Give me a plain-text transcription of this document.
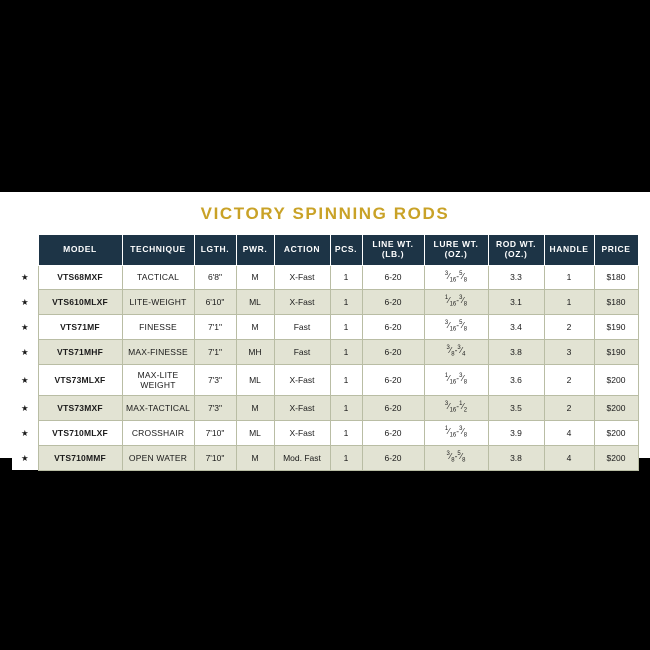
VICTORY SPINNING RODS
	MODEL	TECHNIQUE	LGTH.	PWR.	ACTION	PCS.	LINE WT. (LB.)	LURE WT. (OZ.)	ROD WT. (OZ.)	HANDLE	PRICE
★	VTS68MXF	TACTICAL	6'8"	M	X-Fast	1	6-20	$^3⁄_{16}-^5⁄_8$	3.3	1	$180
★	VTS610MLXF	LITE-WEIGHT	6'10"	ML	X-Fast	1	6-20	$^1⁄_{16}-^3⁄_8$	3.1	1	$180
★	VTS71MF	FINESSE	7'1"	M	Fast	1	6-20	$^3⁄_{16}-^5⁄_8$	3.4	2	$190
★	VTS71MHF	MAX-FINESSE	7'1"	MH	Fast	1	6-20	$^3⁄_8-^3⁄_4$	3.8	3	$190
★	VTS73MLXF	MAX-LITE WEIGHT	7'3"	ML	X-Fast	1	6-20	$^1⁄_{16}-^3⁄_8$	3.6	2	$200
★	VTS73MXF	MAX-TACTICAL	7'3"	M	X-Fast	1	6-20	$^3⁄_{16}-^1⁄_2$	3.5	2	$200
★	VTS710MLXF	CROSSHAIR	7'10"	ML	X-Fast	1	6-20	$^1⁄_{16}-^3⁄_8$	3.9	4	$200
★	VTS710MMF	OPEN WATER	7'10"	M	Mod. Fast	1	6-20	$^3⁄_8-^5⁄_8$	3.8	4	$200
